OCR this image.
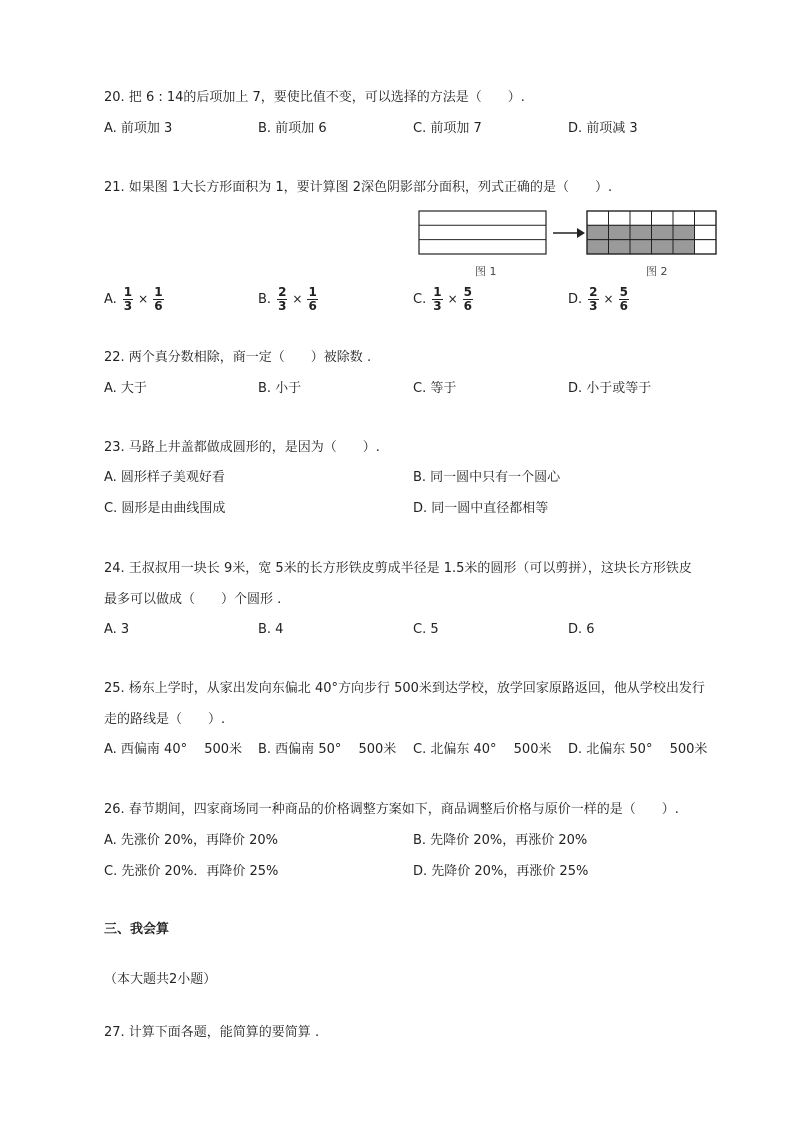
20. 把 6 : 14的后项加上 7，要使比值不变，可以选择的方法是（　　）.
A. 前项加 3	B. 前项加 6	C. 前项加 7	D. 前项减 3
21. 如果图 1大长方形面积为 1，要计算图 2深色阴影部分面积，列式正确的是（　　）.
图 1	图 2
A. $\frac{1}{3} \times \frac{1}{6}$	B. $\frac{2}{3} \times \frac{1}{6}$	C. $\frac{1}{3} \times \frac{5}{6}$	D. $\frac{2}{3} \times \frac{5}{6}$
22. 两个真分数相除，商一定（　　）被除数 .
A. 大于	B. 小于	C. 等于	D. 小于或等于
23. 马路上井盖都做成圆形的，是因为（　　）.
A. 圆形样子美观好看	B. 同一圆中只有一个圆心
C. 圆形是由曲线围成	D. 同一圆中直径都相等
24. 王叔叔用一块长 9米，宽 5米的长方形铁皮剪成半径是 1.5米的圆形（可以剪拼），这块长方形铁皮
最多可以做成（　　）个圆形 .
A. 3	B. 4	C. 5	D. 6
25. 杨东上学时，从家出发向东偏北 40°方向步行 500米到达学校，放学回家原路返回，他从学校出发行
走的路线是（　　）.
A. 西偏南 40°　 500米 B. 西偏南 50°　 500米 C. 北偏东 40°　 500米 D. 北偏东 50°　 500米
26. 春节期间，四家商场同一种商品的价格调整方案如下，商品调整后价格与原价一样的是（　　）.
A. 先涨价 20%，再降价 20%	B. 先降价 20%，再涨价 20%
C. 先涨价 20%．再降价 25%	D. 先降价 20%，再涨价 25%
三、我会算
（本大题共2小题）
27. 计算下面各题，能简算的要简算 .
